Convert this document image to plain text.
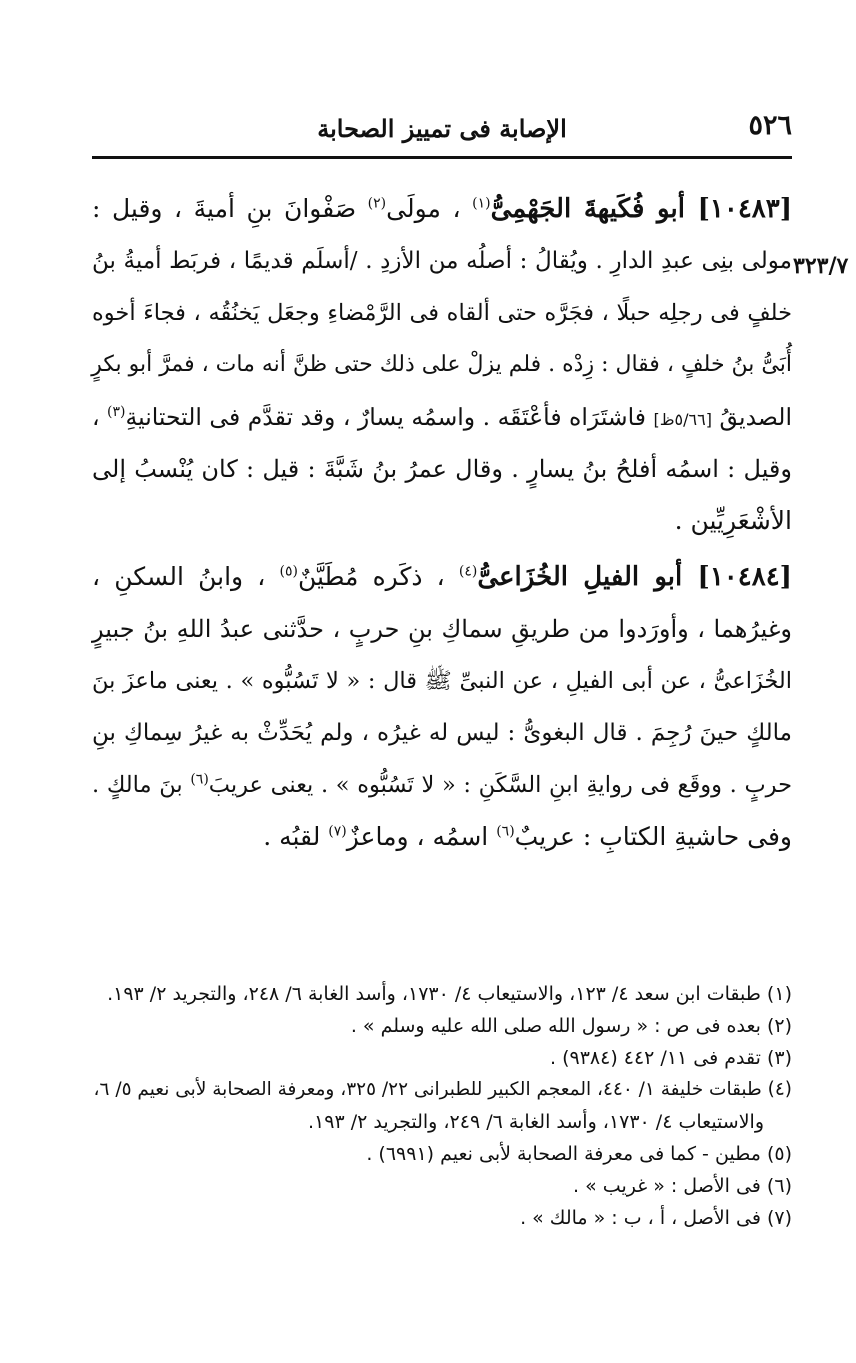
٥٢٦
الإصابة فى تمييز الصحابة
٣٢٣/٧
[١٠٤٨٣] أبو فُكَيهةَ الجَهْمِىُّ$^{(١)}$ ، مولَى$^{(٢)}$ صَفْوانَ بنِ أميةَ ، وقيل :
مولى بنِى عبدِ الدارِ . ويُقالُ : أصلُه من الأزدِ . /أسلَم قديمًا ، فربَط أميةُ بنُ
خلفٍ فى رجلِه حبلًا ، فجَرَّه حتى ألقاه فى الرَّمْضاءِ وجعَل يَخنُقُه ، فجاءَ أخوه
أُبَىُّ بنُ خلفٍ ، فقال : زِدْه . فلم يزلْ على ذلك حتى ظنَّ أنه مات ، فمرَّ أبو بكرٍ
الصديقُ [٥/٦٦ظ] فاشتَرَاه فأعْتَقَه . واسمُه يسارٌ ، وقد تقدَّم فى التحتانيةِ$^{(٣)}$ ،
وقيل : اسمُه أفلحُ بنُ يسارٍ . وقال عمرُ بنُ شَبَّةَ : قيل : كان يُنْسبُ إلى
الأشْعَرِيِّين .
[١٠٤٨٤] أبو الفيلِ الخُزَاعىُّ$^{(٤)}$ ، ذكَره مُطَيَّنٌ$^{(٥)}$ ، وابنُ السكنِ ،
وغيرُهما ، وأورَدوا من طريقِ سماكِ بنِ حربٍ ، حدَّثنى عبدُ اللهِ بنُ جبيرٍ
الخُزَاعىُّ ، عن أبى الفيلِ ، عن النبىِّ ﷺ قال : « لا تَسُبُّوه » . يعنى ماعزَ بنَ
مالكٍ حينَ رُجِمَ . قال البغوىُّ : ليس له غيرُه ، ولم يُحَدِّثْ به غيرُ سِماكِ بنِ
حربٍ . ووقَع فى روايةِ ابنِ السَّكَنِ : « لا تَسُبُّوه » . يعنى عريبَ$^{(٦)}$ بنَ مالكٍ .
وفى حاشيةِ الكتابِ : عريبٌ$^{(٦)}$ اسمُه ، وماعزٌ$^{(٧)}$ لقبُه .
(١) طبقات ابن سعد ٤/ ١٢٣، والاستيعاب ٤/ ١٧٣٠، وأسد الغابة ٦/ ٢٤٨، والتجريد ٢/ ١٩٣.
(٢) بعده فى ص : « رسول الله صلى الله عليه وسلم » .
(٣) تقدم فى ١١/ ٤٤٢ (٩٣٨٤) .
(٤) طبقات خليفة ١/ ٤٤٠، المعجم الكبير للطبرانى ٢٢/ ٣٢٥، ومعرفة الصحابة لأبى نعيم ٥/ ٦،
والاستيعاب ٤/ ١٧٣٠، وأسد الغابة ٦/ ٢٤٩، والتجريد ٢/ ١٩٣.
(٥) مطين - كما فى معرفة الصحابة لأبى نعيم (٦٩٩١) .
(٦) فى الأصل : « غريب » .
(٧) فى الأصل ، أ ، ب : « مالك » .
